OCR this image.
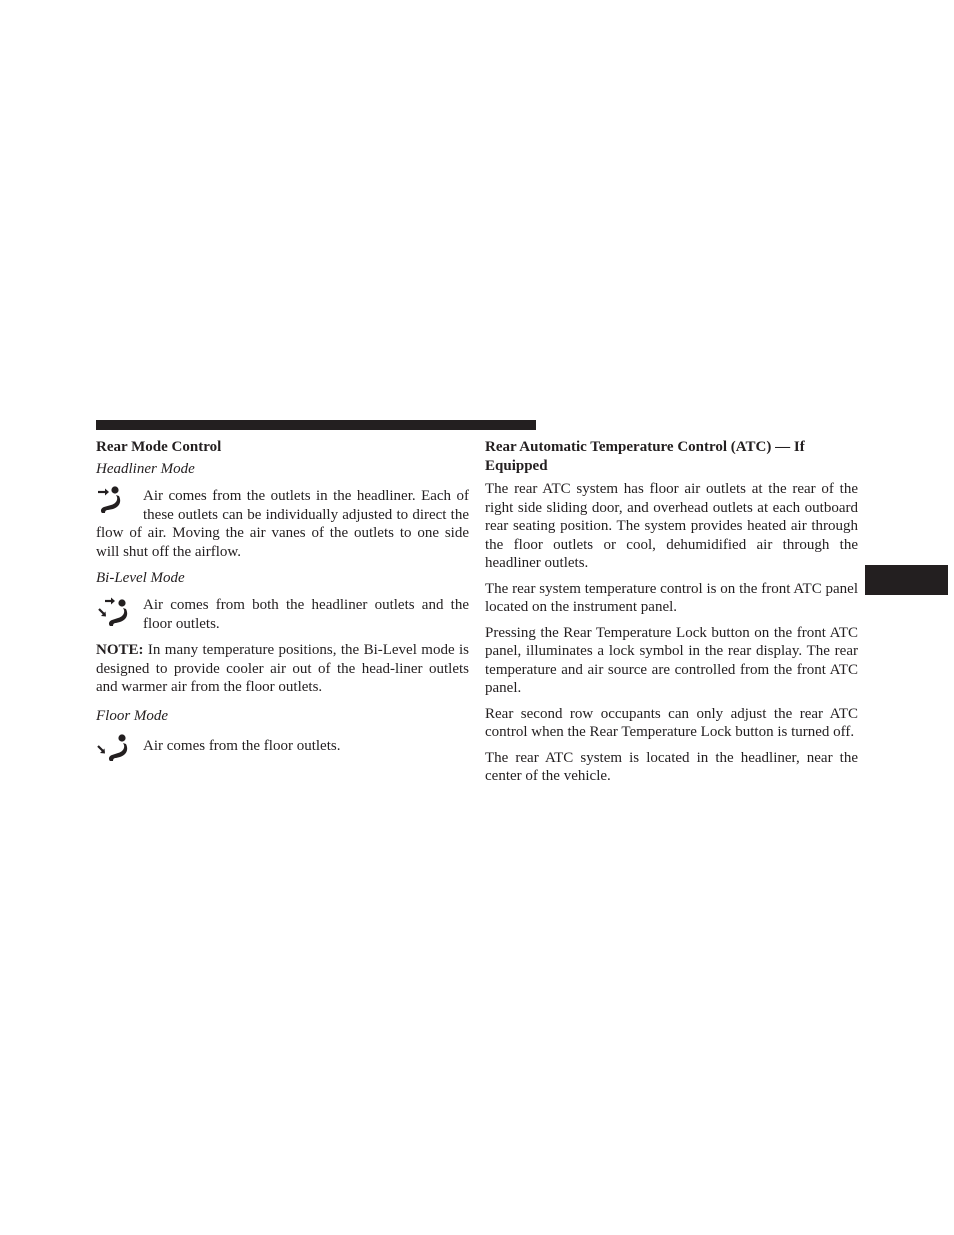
Rear Mode Control
Headliner Mode

Air comes from the outlets in the headliner. Each of these outlets can be individually adjusted to direct the flow of air. Moving the air vanes of the outlets to one side will shut off the airflow.

Bi-Level Mode

Air comes from both the headliner outlets and the floor outlets.

NOTE: In many temperature positions, the Bi-Level mode is designed to provide cooler air out of the head-liner outlets and warmer air from the floor outlets.

Floor Mode

Air comes from the floor outlets.

Rear Automatic Temperature Control (ATC) — If Equipped

The rear ATC system has floor air outlets at the rear of the right side sliding door, and overhead outlets at each outboard rear seating position. The system provides heated air through the floor outlets or cool, dehumidified air through the headliner outlets.

The rear system temperature control is on the front ATC panel located on the instrument panel.

Pressing the Rear Temperature Lock button on the front ATC panel, illuminates a lock symbol in the rear display. The rear temperature and air source are controlled from the front ATC panel.

Rear second row occupants can only adjust the rear ATC control when the Rear Temperature Lock button is turned off.

The rear ATC system is located in the headliner, near the center of the vehicle.
